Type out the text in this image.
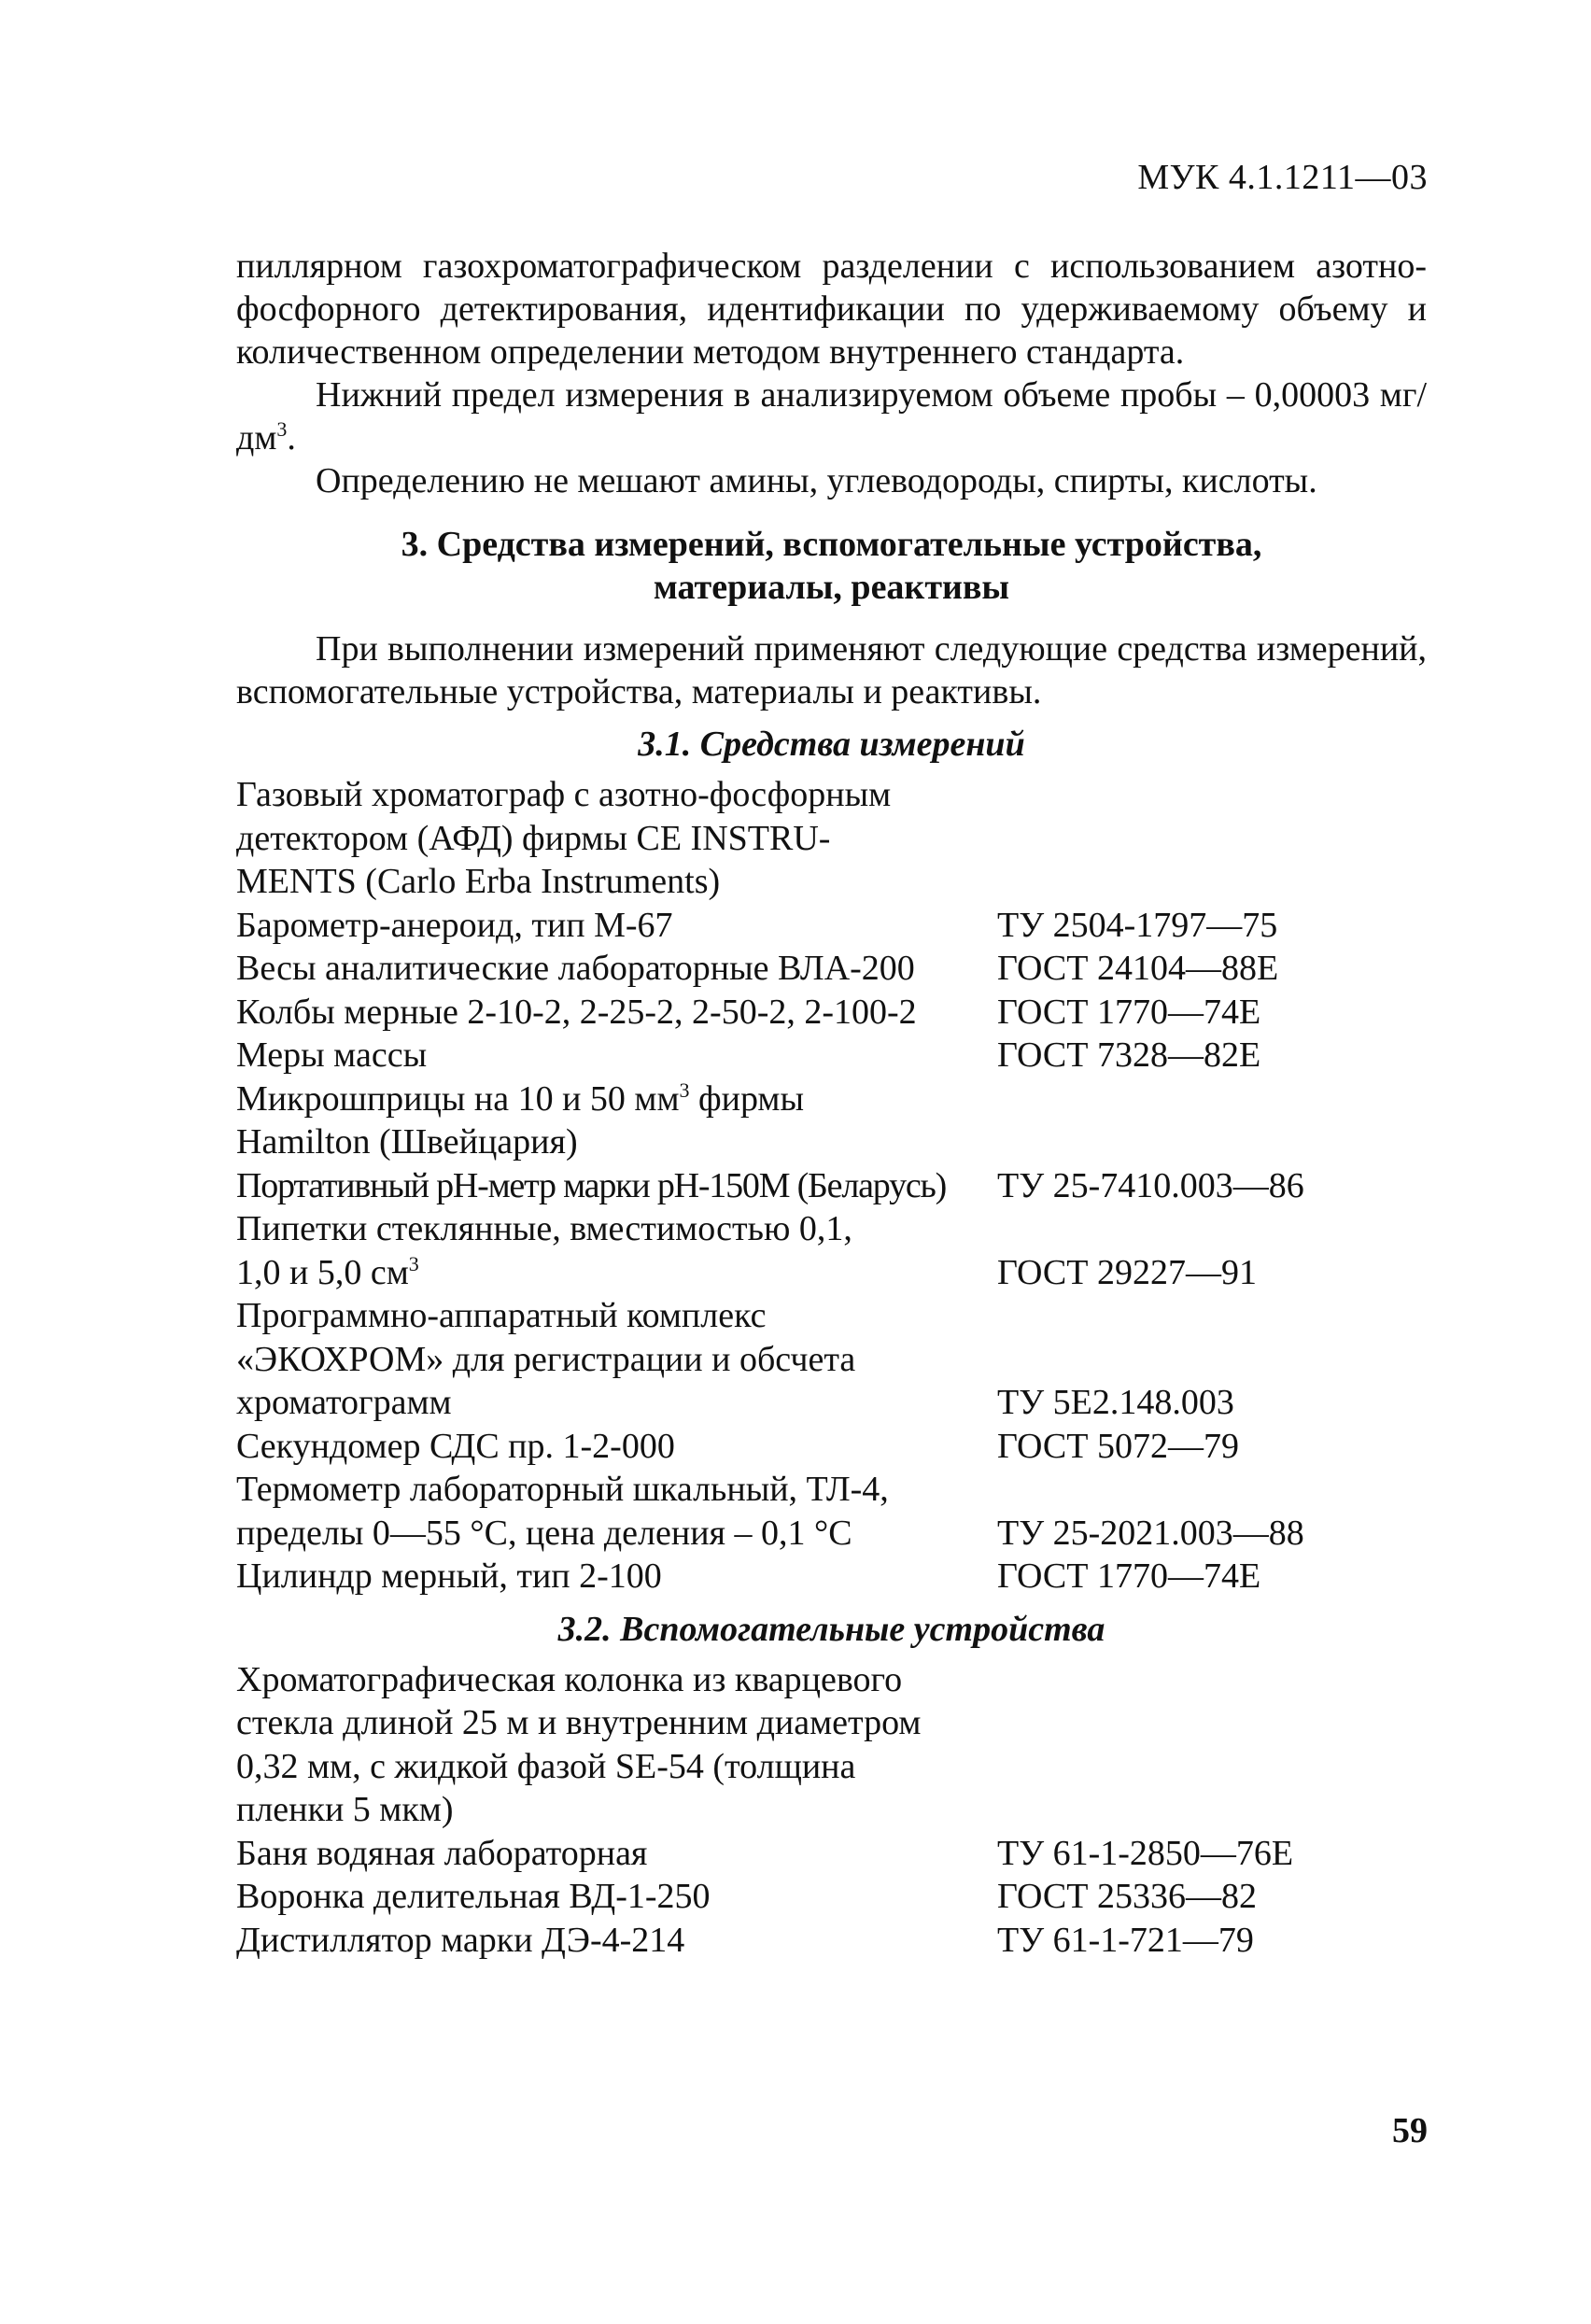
МУК 4.1.1211—03

пиллярном газохроматографическом разделении с использованием азотно-фосфорного детектирования, идентификации по удерживаемому объему и количественном определении методом внутреннего стандарта.

Нижний предел измерения в анализируемом объеме пробы – 0,00003 $мг/дм^3$.

Определению не мешают амины, углеводороды, спирты, кислоты.

3. Средства измерений, вспомогательные устройства,
материалы, реактивы

При выполнении измерений применяют следующие средства измерений, вспомогательные устройства, материалы и реактивы.

3.1. Средства измерений
Газовый хроматограф с азотно-фосфорным
детектором (АФД) фирмы CE INSTRU-
MENTS (Carlo Erba Instruments)	
Барометр-анероид, тип М-67	ТУ 2504-1797—75
Весы аналитические лабораторные ВЛА-200	ГОСТ 24104—88Е
Колбы мерные 2-10-2, 2-25-2, 2-50-2, 2-100-2	ГОСТ 1770—74Е
Меры массы	ГОСТ 7328—82Е
Микрошприцы на 10 и 50 $мм^3$ фирмы
Hamilton (Швейцария)	
Портативный pH-метр марки pH-150М (Беларусь)	ТУ 25-7410.003—86
Пипетки стеклянные, вместимостью 0,1,
1,0 и 5,0 $см^3$	ГОСТ 29227—91
Программно-аппаратный комплекс
«ЭКОХРОМ» для регистрации и обсчета
хроматограмм	ТУ 5Е2.148.003
Секундомер СДС пр. 1-2-000	ГОСТ 5072—79
Термометр лабораторный шкальный, ТЛ-4,
пределы 0—55 °С, цена деления – 0,1 °С	ТУ 25-2021.003—88
Цилиндр мерный, тип 2-100	ГОСТ 1770—74Е
3.2. Вспомогательные устройства
Хроматографическая колонка из кварцевого
стекла длиной 25 м и внутренним диаметром
0,32 мм, с жидкой фазой SE-54 (толщина
пленки 5 мкм)	
Баня водяная лабораторная	ТУ 61-1-2850—76Е
Воронка делительная ВД-1-250	ГОСТ 25336—82
Дистиллятор марки ДЭ-4-214	ТУ 61-1-721—79
59
